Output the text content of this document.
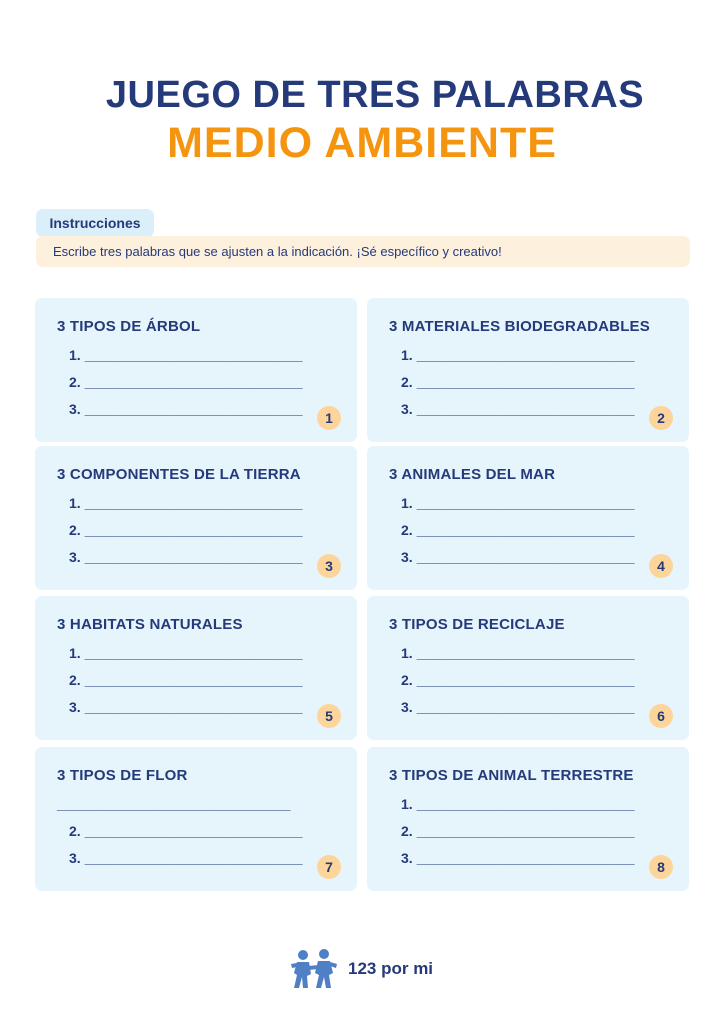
JUEGO DE TRES PALABRAS
MEDIO AMBIENTE
Instrucciones
Escribe tres palabras que se ajusten a la indicación. ¡Sé específico y creativo!
3 TIPOS DE ÁRBOL
1. ____________________________
2. ____________________________
3. ____________________________
1
3 MATERIALES BIODEGRADABLES
1. ____________________________
2. ____________________________
3. ____________________________
2
3 COMPONENTES DE LA TIERRA
1. ____________________________
2. ____________________________
3. ____________________________
3
3 ANIMALES DEL MAR
1. ____________________________
2. ____________________________
3. ____________________________
4
3 HABITATS NATURALES
1. ____________________________
2. ____________________________
3. ____________________________
5
3 TIPOS DE RECICLAJE
1. ____________________________
2. ____________________________
3. ____________________________
6
3 TIPOS DE FLOR
______________________________
2. ____________________________
3. ____________________________
7
3 TIPOS DE ANIMAL TERRESTRE
1. ____________________________
2. ____________________________
3. ____________________________
8
123 por mi
